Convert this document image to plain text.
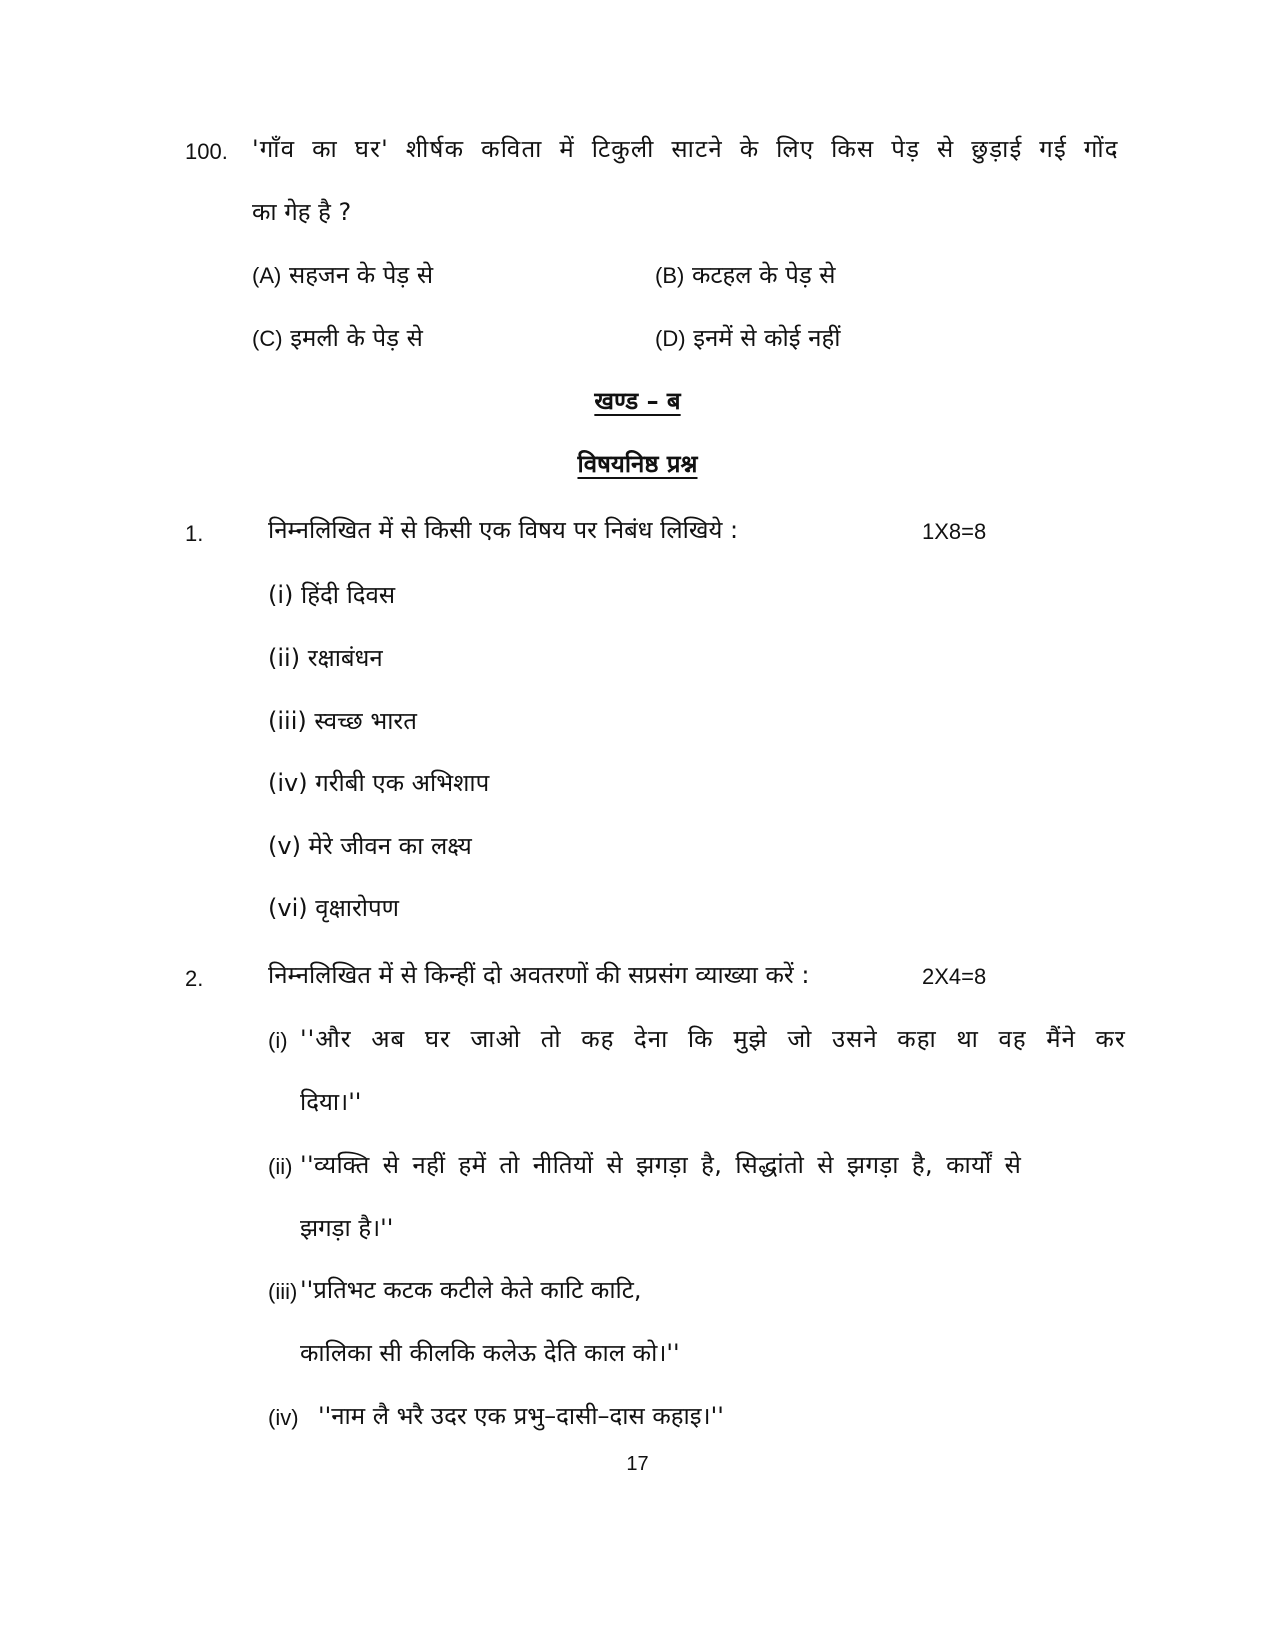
100. 'गाँव का घर' शीर्षक कविता में टिकुली साटने के लिए किस पेड़ से छुड़ाई गई गोंद
का गेह है ?
(A) सहजन के पेड़ से	(B) कटहल के पेड़ से
(C) इमली के पेड़ से	(D) इनमें से कोई नहीं
खण्ड – ब
विषयनिष्ठ प्रश्न
1.	निम्नलिखित में से किसी एक विषय पर निबंध लिखिये :	1X8=8
(i) हिंदी दिवस
(ii) रक्षाबंधन
(iii) स्वच्छ भारत
(iv) गरीबी एक अभिशाप
(v) मेरे जीवन का लक्ष्य
(vi) वृक्षारोपण
2.	निम्नलिखित में से किन्हीं दो अवतरणों की सप्रसंग व्याख्या करें :	2X4=8
(i) ''और अब घर जाओ तो कह देना कि मुझे जो उसने कहा था वह मैंने कर
दिया।''
(ii) ''व्यक्ति से नहीं हमें तो नीतियों से झगड़ा है, सिद्धांतो से झगड़ा है, कार्यों से
झगड़ा है।''
(iii) ''प्रतिभट कटक कटीले केते काटि काटि,
कालिका सी कीलकि कलेऊ देति काल को।''
(iv) ''नाम लै भरै उदर एक प्रभु–दासी–दास कहाइ।''
17
